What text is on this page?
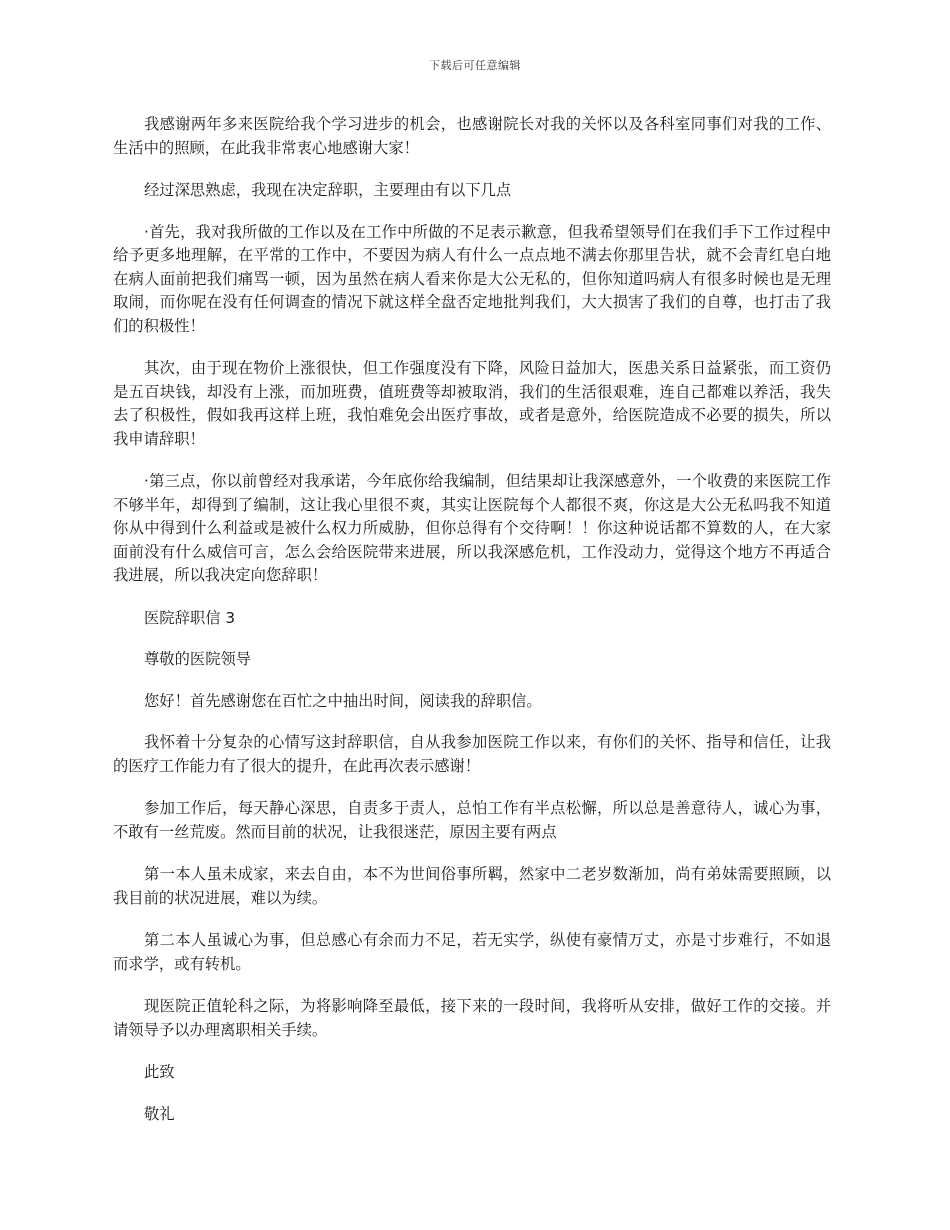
下载后可任意编辑

我感谢两年多来医院给我个学习进步的机会，也感谢院长对我的关怀以及各科室同事们对我的工作、生活中的照顾，在此我非常衷心地感谢大家！

经过深思熟虑，我现在决定辞职，主要理由有以下几点

·首先，我对我所做的工作以及在工作中所做的不足表示歉意，但我希望领导们在我们手下工作过程中给予更多地理解，在平常的工作中，不要因为病人有什么一点点地不满去你那里告状，就不会青红皂白地在病人面前把我们痛骂一顿，因为虽然在病人看来你是大公无私的，但你知道吗病人有很多时候也是无理取闹，而你呢在没有任何调查的情况下就这样全盘否定地批判我们，大大损害了我们的自尊，也打击了我们的积极性！

其次，由于现在物价上涨很快，但工作强度没有下降，风险日益加大，医患关系日益紧张，而工资仍是五百块钱，却没有上涨，而加班费，值班费等却被取消，我们的生活很艰难，连自己都难以养活，我失去了积极性，假如我再这样上班，我怕难免会出医疗事故，或者是意外，给医院造成不必要的损失，所以我申请辞职！

·第三点，你以前曾经对我承诺，今年底你给我编制，但结果却让我深感意外，一个收费的来医院工作不够半年，却得到了编制，这让我心里很不爽，其实让医院每个人都很不爽，你这是大公无私吗我不知道你从中得到什么利益或是被什么权力所威胁，但你总得有个交待啊！！你这种说话都不算数的人，在大家面前没有什么威信可言，怎么会给医院带来进展，所以我深感危机，工作没动力，觉得这个地方不再适合我进展，所以我决定向您辞职！

医院辞职信 3

尊敬的医院领导

您好！首先感谢您在百忙之中抽出时间，阅读我的辞职信。

我怀着十分复杂的心情写这封辞职信，自从我参加医院工作以来，有你们的关怀、指导和信任，让我的医疗工作能力有了很大的提升，在此再次表示感谢！

参加工作后，每天静心深思，自责多于责人，总怕工作有半点松懈，所以总是善意待人，诚心为事，不敢有一丝荒废。然而目前的状况，让我很迷茫，原因主要有两点

第一本人虽未成家，来去自由，本不为世间俗事所羁，然家中二老岁数渐加，尚有弟妹需要照顾，以我目前的状况进展，难以为续。

第二本人虽诚心为事，但总感心有余而力不足，若无实学，纵使有豪情万丈，亦是寸步难行，不如退而求学，或有转机。

现医院正值轮科之际，为将影响降至最低，接下来的一段时间，我将听从安排，做好工作的交接。并请领导予以办理离职相关手续。

此致

敬礼
